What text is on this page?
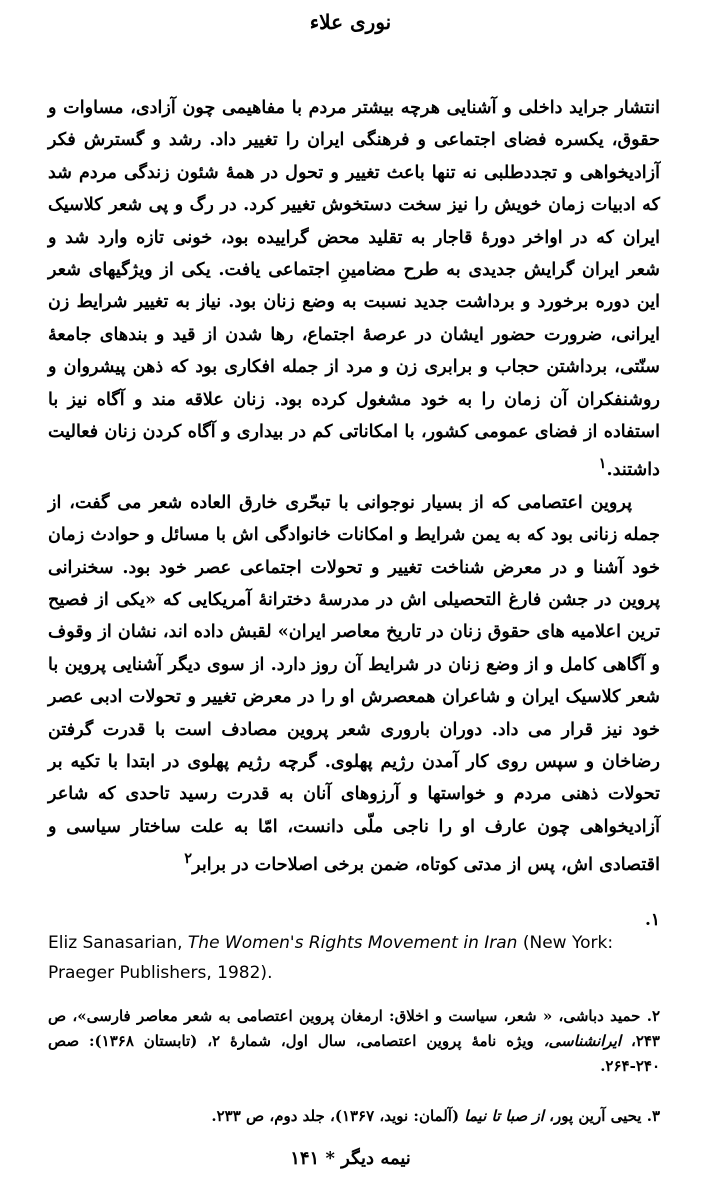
نوری علاء

انتشار جراید داخلی و آشنایی هرچه بیشتر مردم با مفاهیمی چون آزادی، مساوات و حقوق، یکسره فضای اجتماعی و فرهنگی ایران را تغییر داد. رشد و گسترش فکر آزادیخواهی و تجددطلبی نه تنها باعث تغییر و تحول در همهٔ شئون زندگی مردم شد که ادبیات زمان خویش را نیز سخت دستخوش تغییر کرد. در رگ و پی شعر کلاسیک ایران که در اواخر دورهٔ قاجار به تقلید محض گراییده بود، خونی تازه وارد شد و شعر ایران گرایش جدیدی به طرح مضامینِ اجتماعی یافت. یکی از ویژگیهای شعر این دوره برخورد و برداشت جدید نسبت به وضع زنان بود. نیاز به تغییر شرایط زن ایرانی، ضرورت حضور ایشان در عرصهٔ اجتماع، رها شدن از قید و بندهای جامعهٔ سنّتی، برداشتن حجاب و برابری زن و مرد از جمله افکاری بود که ذهن پیشروان و روشنفکران آن زمان را به خود مشغول کرده بود. زنان علاقه مند و آگاه نیز با استفاده از فضای عمومی کشور، با امکاناتی کم در بیداری و آگاه کردن زنان فعالیت داشتند.$^۱$

پروین اعتصامی که از بسیار نوجوانی با تبحّری خارق العاده شعر می گفت، از جمله زنانی بود که به یمن شرایط و امکانات خانوادگی اش با مسائل و حوادث زمان خود آشنا و در معرض شناخت تغییر و تحولات اجتماعی عصر خود بود. سخنرانی پروین در جشن فارغ التحصیلی اش در مدرسهٔ دخترانهٔ آمریکایی که «یکی از فصیح ترین اعلامیه های حقوق زنان در تاریخ معاصر ایران» لقبش داده اند، نشان از وقوف و آگاهی کامل و از وضع زنان در شرایط آن روز دارد. از سوی دیگر آشنایی پروین با شعر کلاسیک ایران و شاعران همعصرش او را در معرض تغییر و تحولات ادبی عصر خود نیز قرار می داد. دوران باروری شعر پروین مصادف است با قدرت گرفتن رضاخان و سپس روی کار آمدن رژیم پهلوی. گرچه رژیم پهلوی در ابتدا با تکیه بر تحولات ذهنی مردم و خواستها و آرزوهای آنان به قدرت رسید تاحدی که شاعر آزادیخواهی چون عارف او را ناجی ملّی دانست، امّا به علت ساختار سیاسی و اقتصادی اش، پس از مدتی کوتاه، ضمن برخی اصلاحات در برابر$^۲$

۱.
Eliz Sanasarian, The Women's Rights Movement in Iran (New York: Praeger Publishers, 1982).
۲. حمید دباشی، « شعر، سیاست و اخلاق: ارمغان پروین اعتصامی به شعر معاصر فارسی»، ص ۲۴۳، ایرانشناسی، ویژه نامهٔ پروین اعتصامی، سال اول، شمارهٔ ۲، (تابستان ۱۳۶۸): صص ۲۴۰-۲۶۴.
۳. یحیی آرین پور، از صبا تا نیما (آلمان: نوید، ۱۳۶۷)، جلد دوم، ص ۲۳۳.
نیمه دیگر * ۱۴۱
